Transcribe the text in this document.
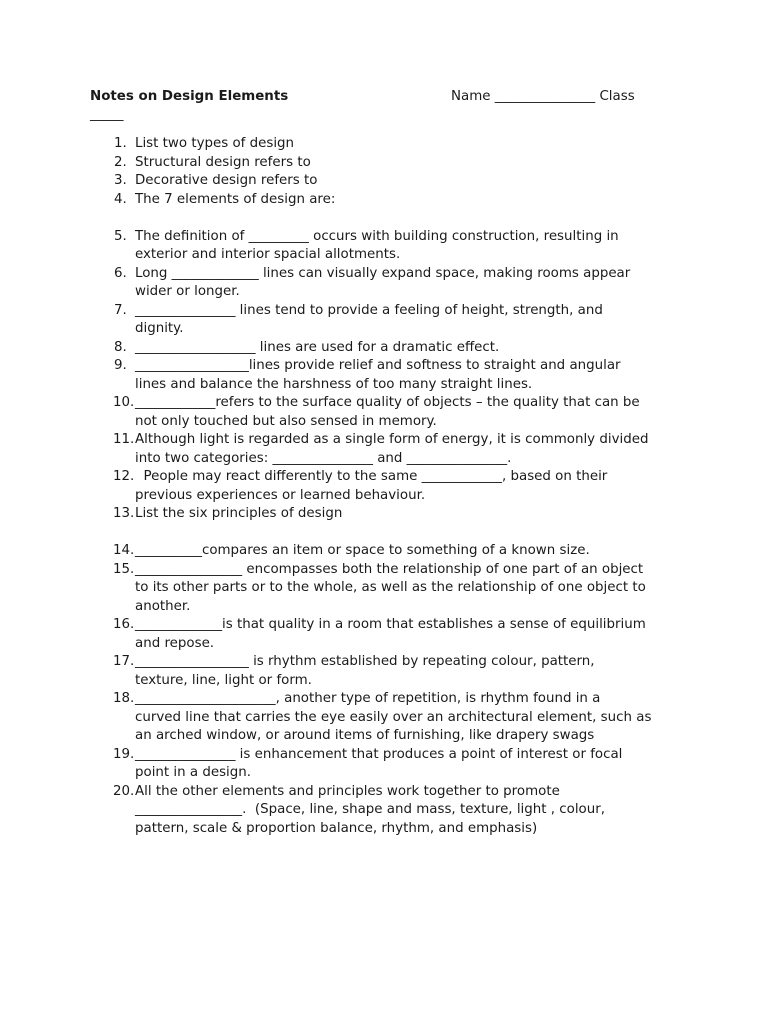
Notes on Design Elements	Name _______________ Class
_____
1. List two types of design
2. Structural design refers to
3. Decorative design refers to
4. The 7 elements of design are:
5. The definition of _________ occurs with building construction, resulting in
exterior and interior spacial allotments.
6. Long _____________ lines can visually expand space, making rooms appear
wider or longer.
7. _______________ lines tend to provide a feeling of height, strength, and
dignity.
8. __________________ lines are used for a dramatic effect.
9. _________________lines provide relief and softness to straight and angular
lines and balance the harshness of too many straight lines.
10. ____________refers to the surface quality of objects – the quality that can be
not only touched but also sensed in memory.
11. Although light is regarded as a single form of energy, it is commonly divided
into two categories: _______________ and _______________.
12. People may react differently to the same ____________, based on their
previous experiences or learned behaviour.
13. List the six principles of design
14. __________compares an item or space to something of a known size.
15. ________________ encompasses both the relationship of one part of an object
to its other parts or to the whole, as well as the relationship of one object to
another.
16. _____________is that quality in a room that establishes a sense of equilibrium
and repose.
17. _________________ is rhythm established by repeating colour, pattern,
texture, line, light or form.
18. _____________________, another type of repetition, is rhythm found in a
curved line that carries the eye easily over an architectural element, such as
an arched window, or around items of furnishing, like drapery swags
19. _______________ is enhancement that produces a point of interest or focal
point in a design.
20. All the other elements and principles work together to promote
________________.  (Space, line, shape and mass, texture, light , colour,
pattern, scale & proportion balance, rhythm, and emphasis)
